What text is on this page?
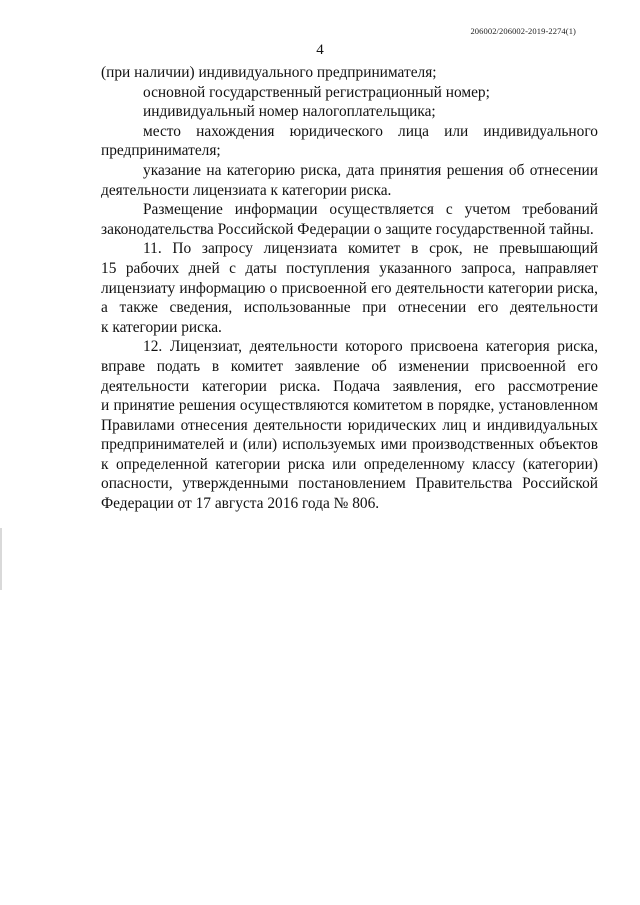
206002/206002-2019-2274(1)
4
(при наличии) индивидуального предпринимателя;
основной государственный регистрационный номер;
индивидуальный номер налогоплательщика;
место нахождения юридического лица или индивидуального
предпринимателя;
указание на категорию риска, дата принятия решения об отнесении
деятельности лицензиата к категории риска.
Размещение информации осуществляется с учетом требований
законодательства Российской Федерации о защите государственной тайны.
11. По запросу лицензиата комитет в срок, не превышающий
15 рабочих дней с даты поступления указанного запроса, направляет
лицензиату информацию о присвоенной его деятельности категории риска,
а также сведения, использованные при отнесении его деятельности
к категории риска.
12. Лицензиат, деятельности которого присвоена категория риска,
вправе подать в комитет заявление об изменении присвоенной его
деятельности категории риска. Подача заявления, его рассмотрение
и принятие решения осуществляются комитетом в порядке, установленном
Правилами отнесения деятельности юридических лиц и индивидуальных
предпринимателей и (или) используемых ими производственных объектов
к определенной категории риска или определенному классу (категории)
опасности, утвержденными постановлением Правительства Российской
Федерации от 17 августа 2016 года № 806.
